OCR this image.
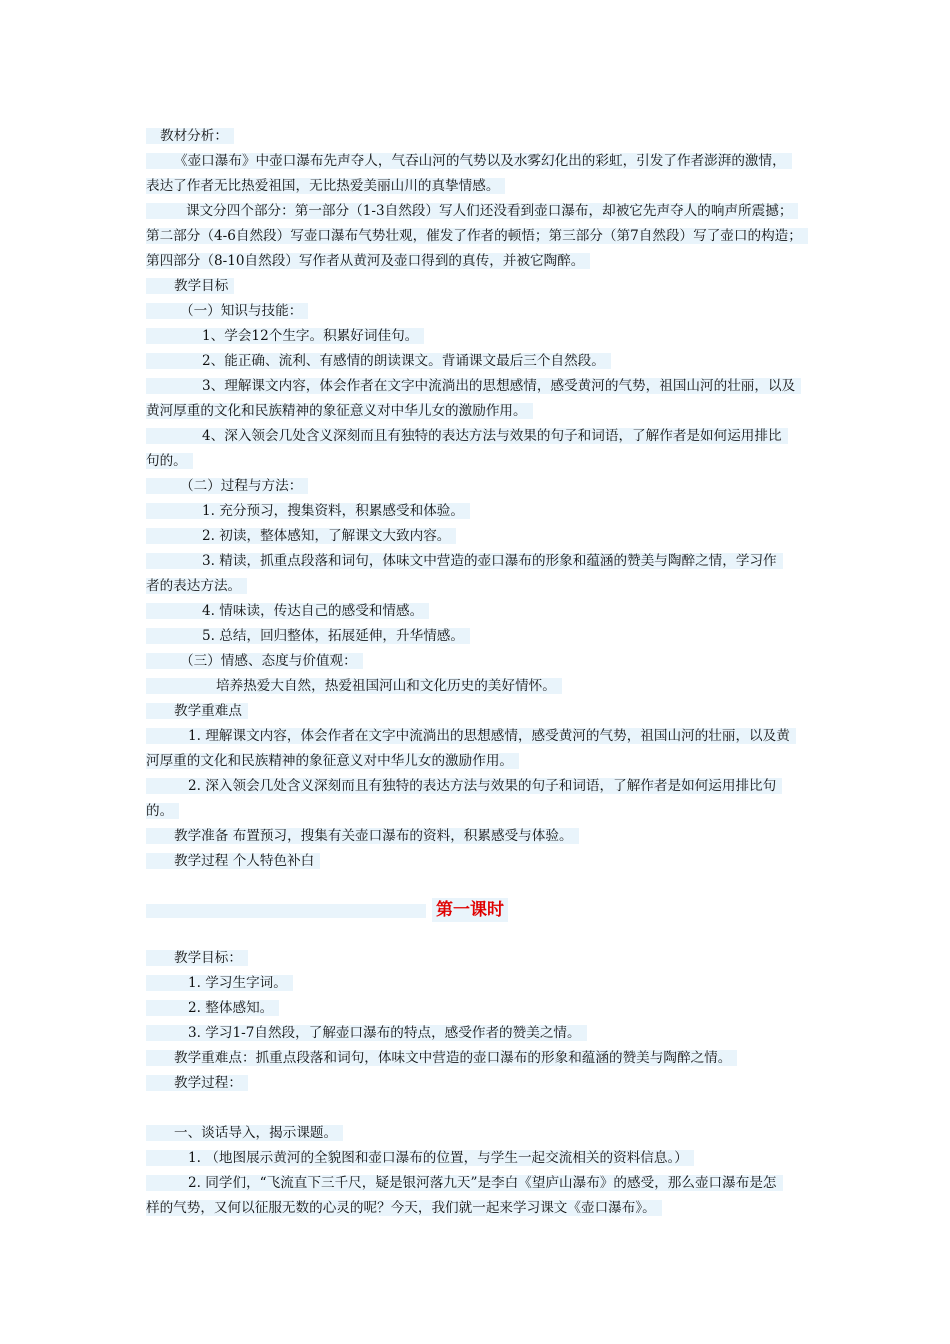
教材分析：
《壶口瀑布》中壶口瀑布先声夺人，气吞山河的气势以及水雾幻化出的彩虹，引发了作者澎湃的激情，
表达了作者无比热爱祖国，无比热爱美丽山川的真挚情感。
课文分四个部分：第一部分（1-3自然段）写人们还没看到壶口瀑布，却被它先声夺人的响声所震撼；
第二部分（4-6自然段）写壶口瀑布气势壮观，催发了作者的顿悟；第三部分（第7自然段）写了壶口的构造；
第四部分（8-10自然段）写作者从黄河及壶口得到的真传，并被它陶醉。
教学目标
（一）知识与技能：
1、学会12个生字。积累好词佳句。
2、能正确、流利、有感情的朗读课文。背诵课文最后三个自然段。
3、理解课文内容，体会作者在文字中流淌出的思想感情，感受黄河的气势，祖国山河的壮丽，以及
黄河厚重的文化和民族精神的象征意义对中华儿女的激励作用。
4、深入领会几处含义深刻而且有独特的表达方法与效果的句子和词语，了解作者是如何运用排比
句的。
（二）过程与方法：
1. 充分预习，搜集资料，积累感受和体验。
2. 初读，整体感知，了解课文大致内容。
3. 精读，抓重点段落和词句，体味文中营造的壶口瀑布的形象和蕴涵的赞美与陶醉之情，学习作
者的表达方法。
4. 情味读，传达自己的感受和情感。
5. 总结，回归整体，拓展延伸，升华情感。
（三）情感、态度与价值观：
培养热爱大自然，热爱祖国河山和文化历史的美好情怀。
教学重难点
1. 理解课文内容，体会作者在文字中流淌出的思想感情，感受黄河的气势，祖国山河的壮丽，以及黄
河厚重的文化和民族精神的象征意义对中华儿女的激励作用。
2. 深入领会几处含义深刻而且有独特的表达方法与效果的句子和词语，了解作者是如何运用排比句
的。
教学准备 布置预习，搜集有关壶口瀑布的资料，积累感受与体验。
教学过程 个人特色补白
第一课时
教学目标：
1. 学习生字词。
2. 整体感知。
3. 学习1-7自然段，了解壶口瀑布的特点，感受作者的赞美之情。
教学重难点：抓重点段落和词句，体味文中营造的壶口瀑布的形象和蕴涵的赞美与陶醉之情。
教学过程：
一、谈话导入，揭示课题。
1. （地图展示黄河的全貌图和壶口瀑布的位置，与学生一起交流相关的资料信息。）
2. 同学们，“飞流直下三千尺，疑是银河落九天”是李白《望庐山瀑布》的感受，那么壶口瀑布是怎
样的气势，又何以征服无数的心灵的呢？今天，我们就一起来学习课文《壶口瀑布》。
